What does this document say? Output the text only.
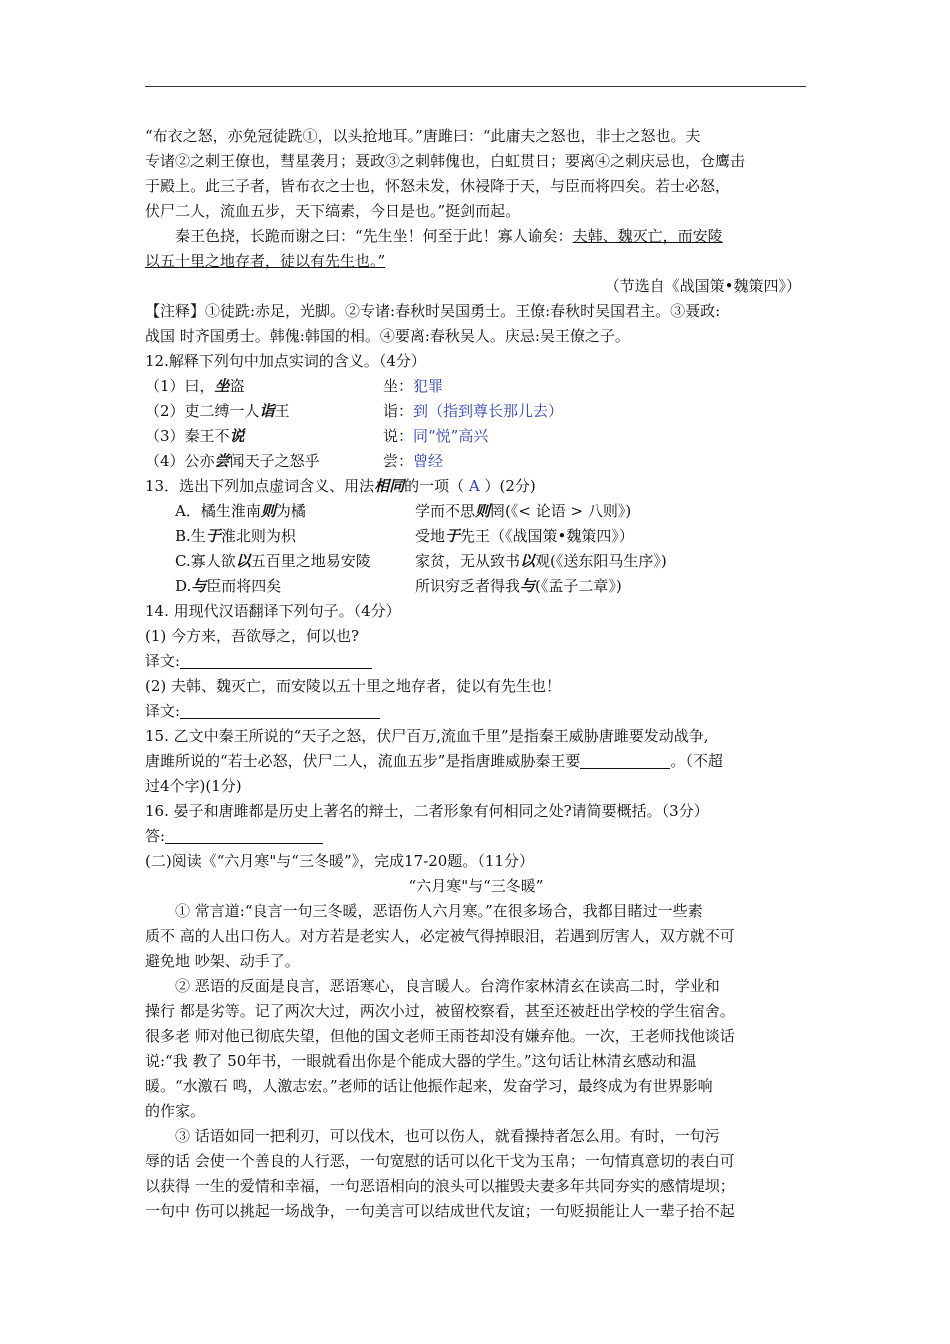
“布衣之怒，亦免冠徒跣①，以头抢地耳。”唐雎曰：“此庸夫之怒也，非士之怒也。夫
专诸②之刺王僚也，彗星袭月；聂政③之刺韩傀也，白虹贯日；要离④之刺庆忌也，仓鹰击
于殿上。此三子者，皆布衣之士也，怀怒未发，休祲降于天，与臣而将四矣。若士必怒，
伏尸二人，流血五步，天下缟素，今日是也。”挺剑而起。
秦王色挠，长跪而谢之曰：“先生坐！何至于此！寡人谕矣：夫韩、魏灭亡，而安陵
以五十里之地存者，徒以有先生也。”
（节选自《战国策•魏策四》）
【注释】①徒跣:赤足，光脚。②专诸:春秋时吴国勇士。王僚:春秋时吴国君主。③聂政:
战国 时齐国勇士。韩傀:韩国的相。④要离:春秋吴人。庆忌:吴王僚之子。
12.解释下列句中加点实词的含义。（4分）
（1）曰，坐盗	坐：犯罪
（2）吏二缚一人诣王	诣：到（指到尊长那儿去）
（3）秦王不说	说：同“悦”高兴
（4）公亦尝闻天子之怒乎	尝：曾经
13．选出下列加点虚词含义、用法相同的一项（ A ）(2分)
A．橘生淮南则为橘	学而不思则罔(《< 论语 > 八则》)
B.生于淮北则为枳	受地于先王（《战国策•魏策四》）
C.寡人欲以五百里之地易安陵	家贫，无从致书以观(《送东阳马生序》)
D.与臣而将四矣	所识穷乏者得我与(《孟子二章》)
14. 用现代汉语翻译下列句子。（4分）
(1) 今方来，吾欲辱之，何以也?
译文:
(2) 夫韩、魏灭亡，而安陵以五十里之地存者，徒以有先生也！
译文:
15. 乙文中秦王所说的“天子之怒，伏尸百万,流血千里”是指秦王威胁唐雎要发动战争,
唐雎所说的“若士必怒，伏尸二人，流血五步”是指唐雎威胁秦王要	。（不超
过4个字)(1分)
16. 晏子和唐雎都是历史上著名的辩士，二者形象有何相同之处?请简要概括。（3分）
答:
(二)阅读《“六月寒"与“三冬暖”》，完成17-20题。（11分）
“六月寒"与“三冬暖”
① 常言道:“良言一句三冬暖，恶语伤人六月寒。”在很多场合，我都目睹过一些素
质不 高的人出口伤人。对方若是老实人，必定被气得掉眼泪，若遇到厉害人，双方就不可
避免地 吵架、动手了。
② 恶语的反面是良言，恶语寒心，良言暖人。台湾作家林清玄在读高二时，学业和
操行 都是劣等。记了两次大过，两次小过，被留校察看，甚至还被赶出学校的学生宿舍。
很多老 师对他已彻底失望，但他的国文老师王雨苍却没有嫌弃他。一次，王老师找他谈话
说:“我 教了 50年书，一眼就看出你是个能成大器的学生。”这句话让林清玄感动和温
暖。“水激石 鸣，人激志宏。”老师的话让他振作起来，发奋学习，最终成为有世界影响
的作家。
③ 话语如同一把利刃，可以伐木，也可以伤人，就看操持者怎么用。有时，一句污
辱的话 会使一个善良的人行恶，一句宽慰的话可以化干戈为玉帛；一句情真意切的表白可
以获得 一生的爱情和幸福，一句恶语相向的浪头可以摧毁夫妻多年共同夯实的感情堤坝；
一句中 伤可以挑起一场战争，一句美言可以结成世代友谊；一句贬损能让人一辈子抬不起
